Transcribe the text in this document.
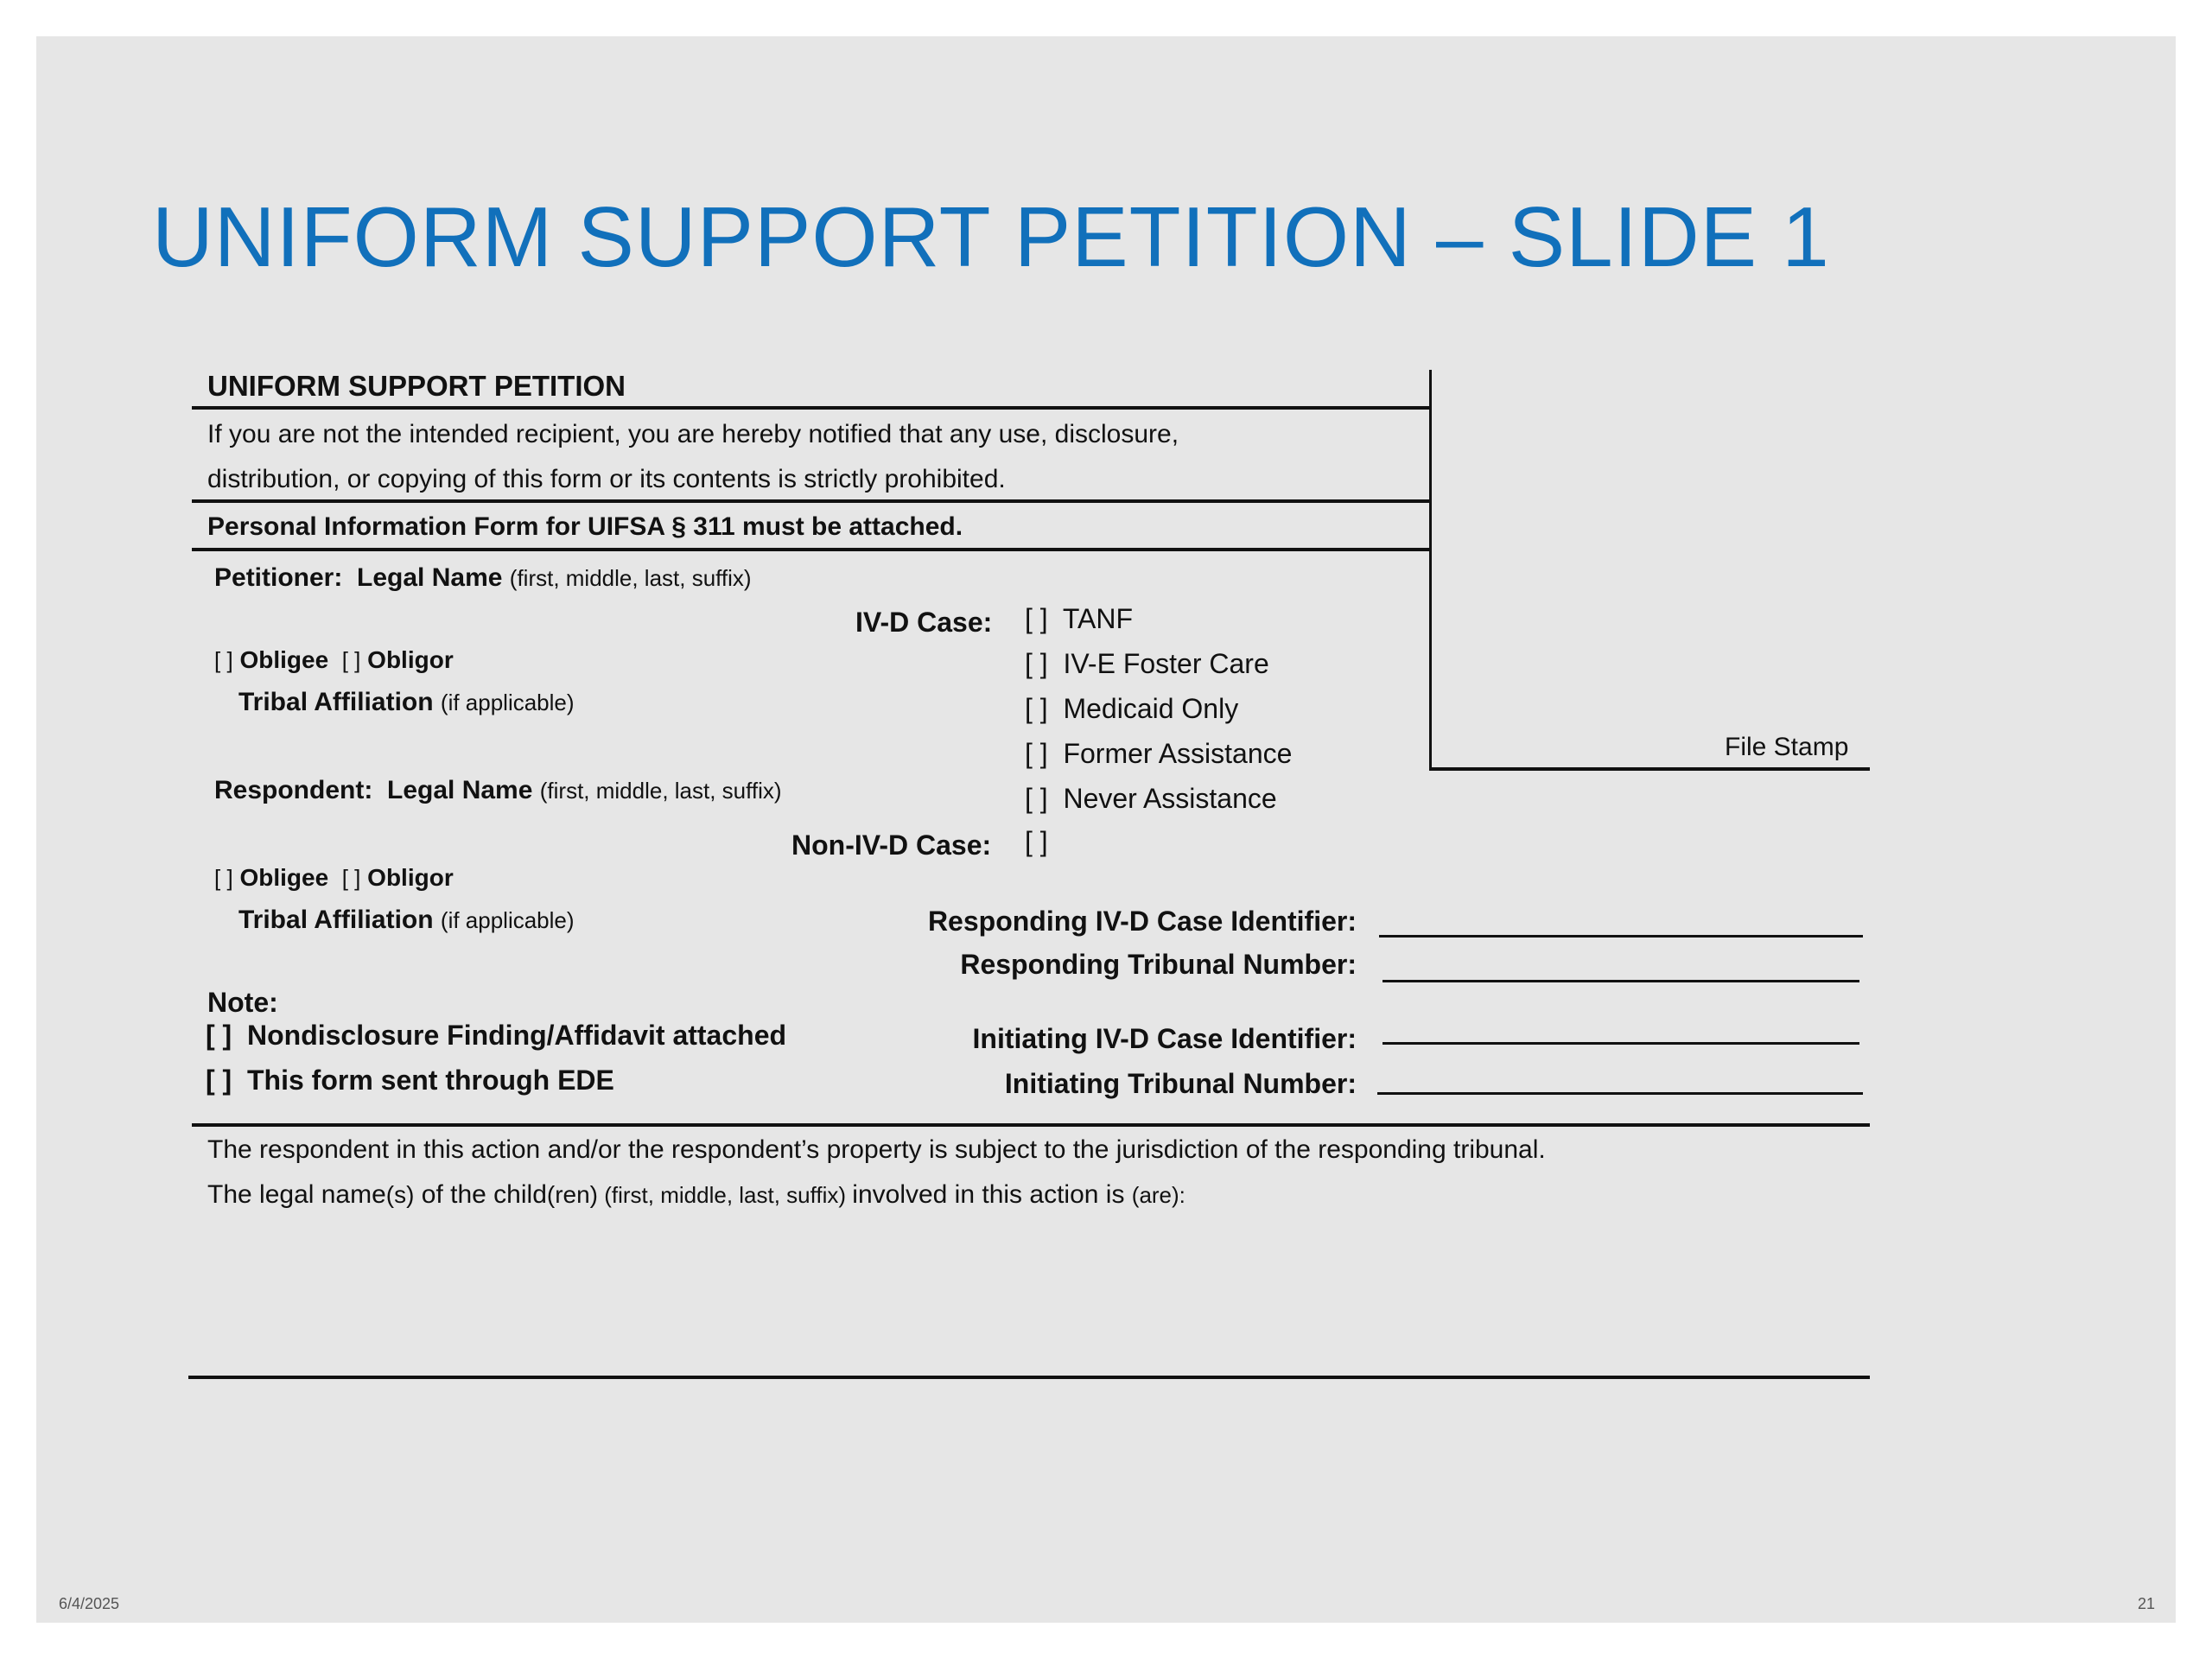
UNIFORM SUPPORT PETITION – SLIDE 1
UNIFORM SUPPORT PETITION
If you are not the intended recipient, you are hereby notified that any use, disclosure,
distribution, or copying of this form or its contents is strictly prohibited.
Personal Information Form for UIFSA § 311 must be attached.
File Stamp
Petitioner: Legal Name (first, middle, last, suffix)
[ ] Obligee [ ] Obligor
Tribal Affiliation (if applicable)
Respondent: Legal Name (first, middle, last, suffix)
[ ] Obligee [ ] Obligor
Tribal Affiliation (if applicable)
IV-D Case: [ ] TANF
[ ] IV-E Foster Care
[ ] Medicaid Only
[ ] Former Assistance
[ ] Never Assistance
Non-IV-D Case: [ ]
Responding IV-D Case Identifier:
Responding Tribunal Number:
Initiating IV-D Case Identifier:
Initiating Tribunal Number:
Note:
[ ] Nondisclosure Finding/Affidavit attached
[ ] This form sent through EDE
The respondent in this action and/or the respondent’s property is subject to the jurisdiction of the responding tribunal.
The legal name(s) of the child(ren) (first, middle, last, suffix) involved in this action is (are):
6/4/2025	21
